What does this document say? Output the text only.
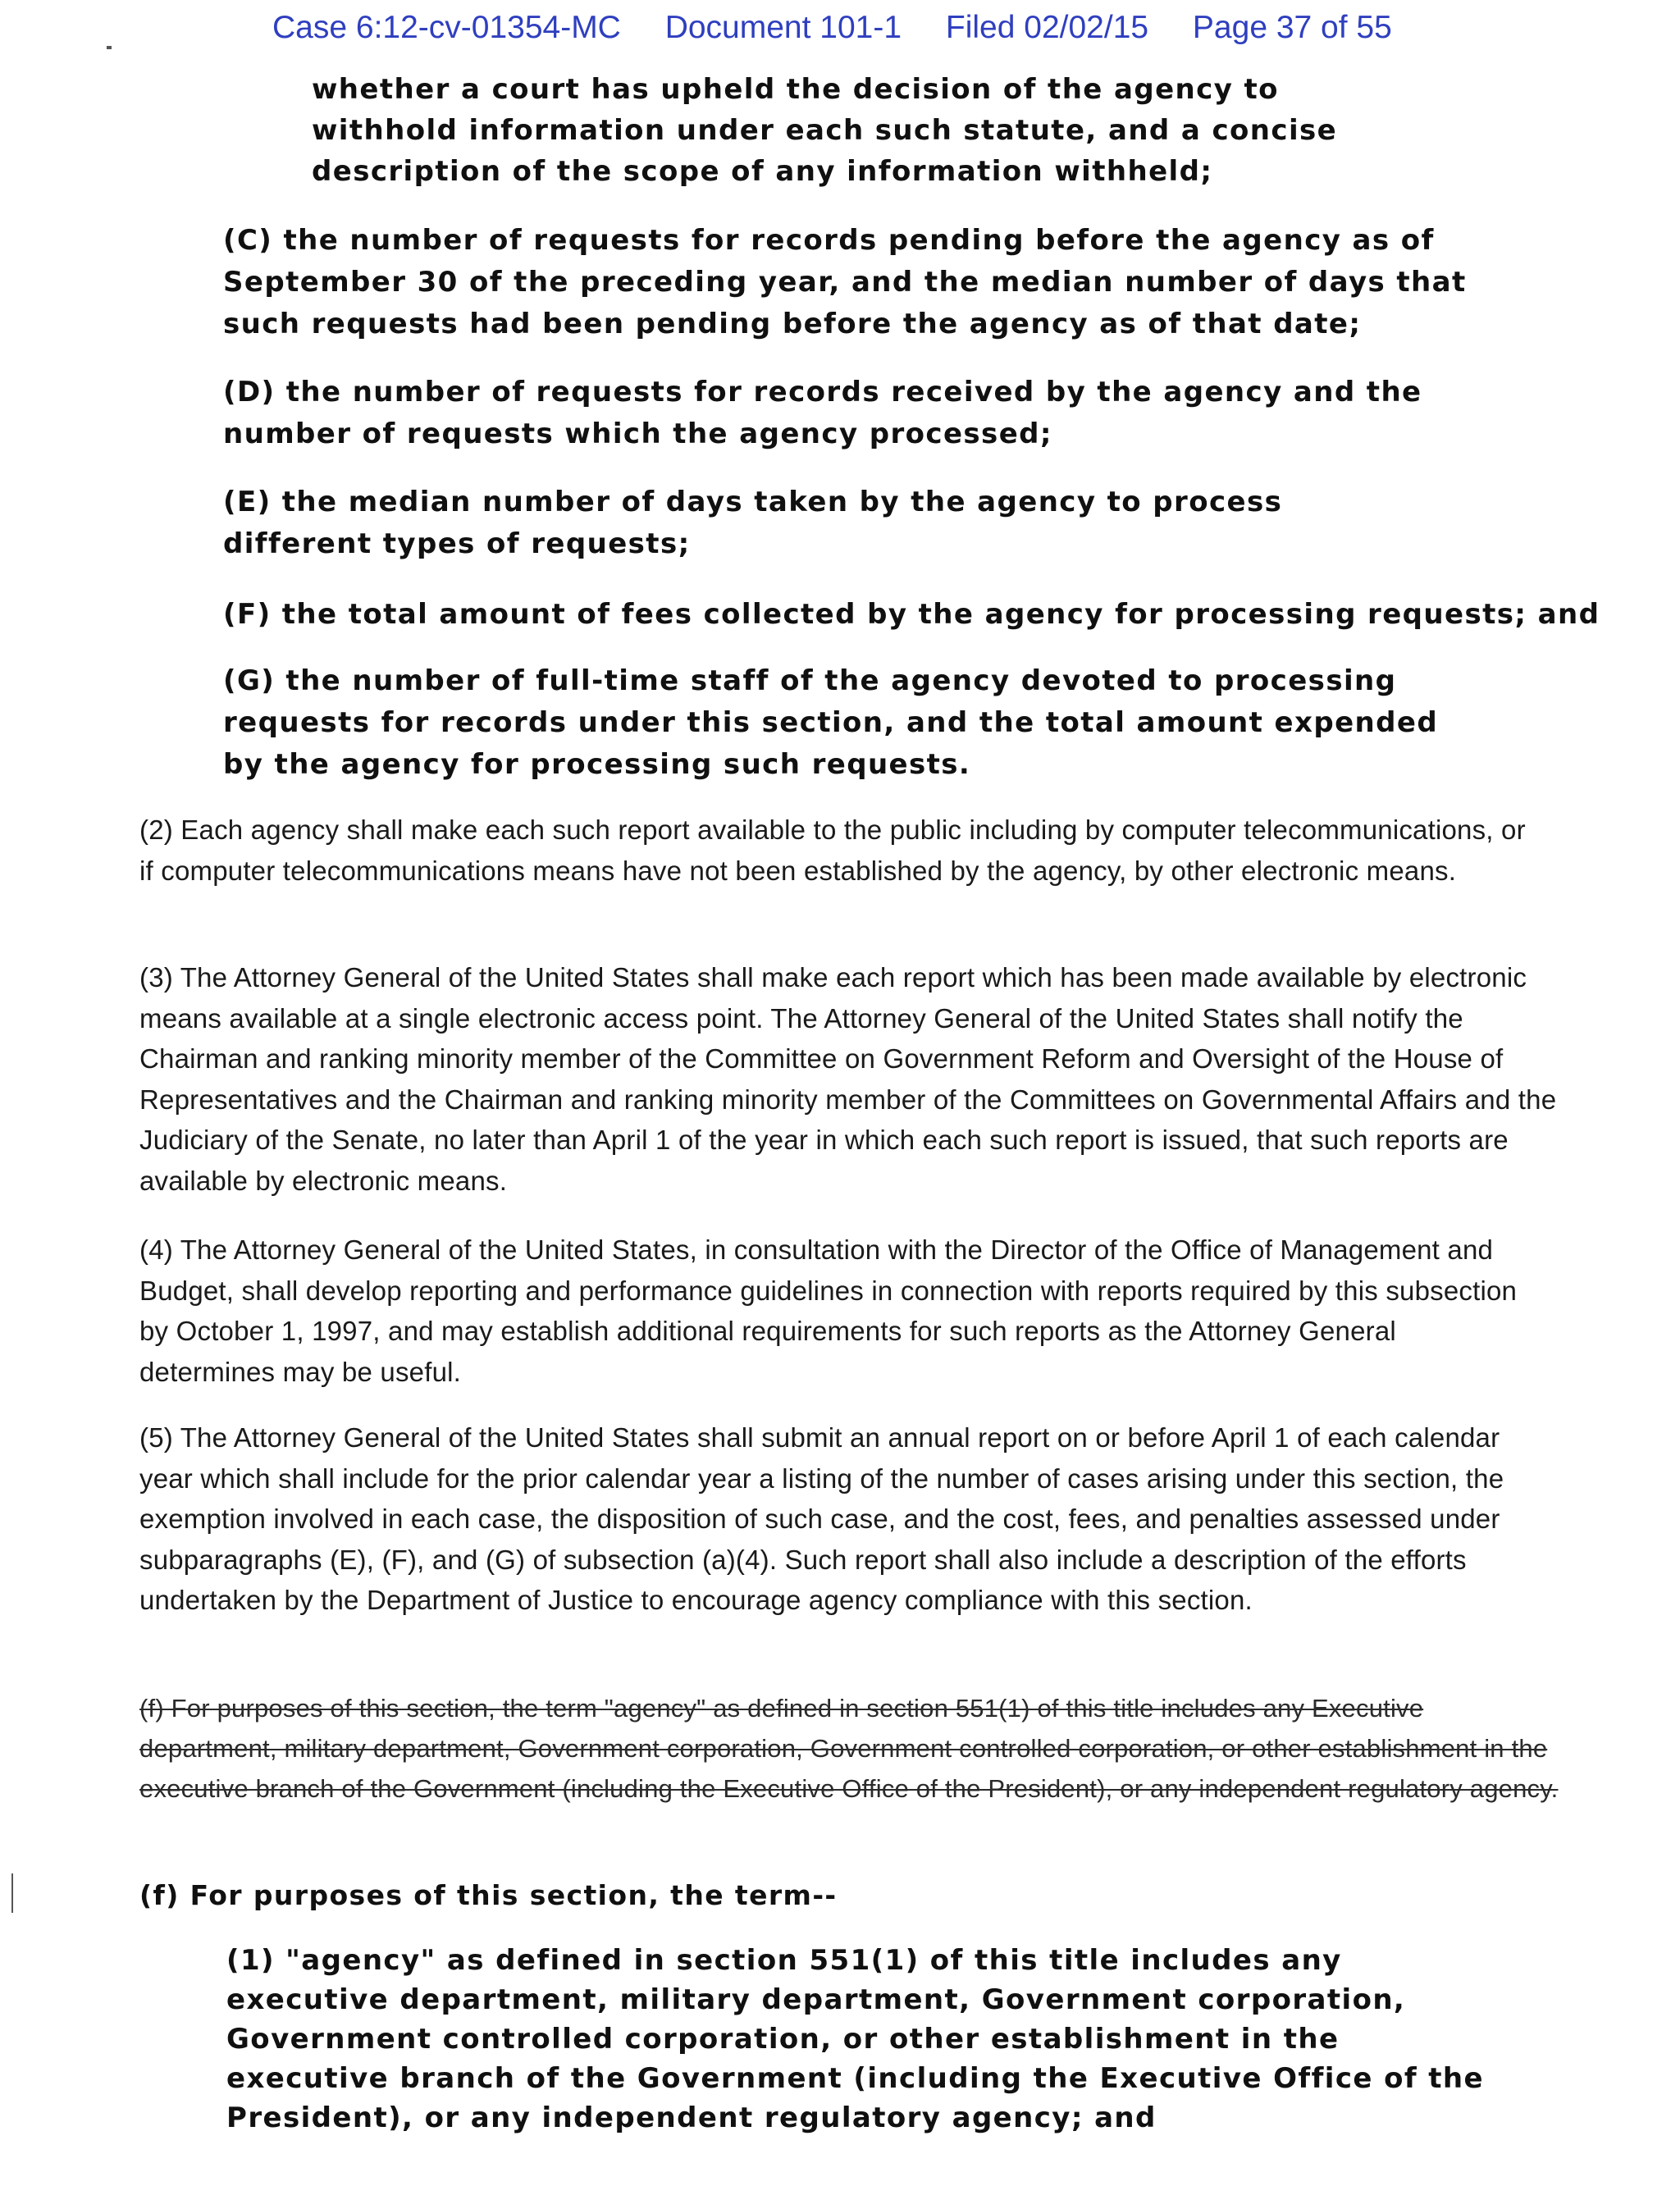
Case 6:12-cv-01354-MC Document 101-1 Filed 02/02/15 Page 37 of 55

whether a court has upheld the decision of the agency to withhold information under each such statute, and a concise description of the scope of any information withheld;

(C) the number of requests for records pending before the agency as of September 30 of the preceding year, and the median number of days that such requests had been pending before the agency as of that date;

(D) the number of requests for records received by the agency and the number of requests which the agency processed;

(E) the median number of days taken by the agency to process different types of requests;

(F) the total amount of fees collected by the agency for processing requests; and

(G) the number of full-time staff of the agency devoted to processing requests for records under this section, and the total amount expended by the agency for processing such requests.

(2) Each agency shall make each such report available to the public including by computer telecommunications, or if computer telecommunications means have not been established by the agency, by other electronic means.

(3) The Attorney General of the United States shall make each report which has been made available by electronic means available at a single electronic access point. The Attorney General of the United States shall notify the Chairman and ranking minority member of the Committee on Government Reform and Oversight of the House of Representatives and the Chairman and ranking minority member of the Committees on Governmental Affairs and the Judiciary of the Senate, no later than April 1 of the year in which each such report is issued, that such reports are available by electronic means.

(4) The Attorney General of the United States, in consultation with the Director of the Office of Management and Budget, shall develop reporting and performance guidelines in connection with reports required by this subsection by October 1, 1997, and may establish additional requirements for such reports as the Attorney General determines may be useful.

(5) The Attorney General of the United States shall submit an annual report on or before April 1 of each calendar year which shall include for the prior calendar year a listing of the number of cases arising under this section, the exemption involved in each case, the disposition of such case, and the cost, fees, and penalties assessed under subparagraphs (E), (F), and (G) of subsection (a)(4). Such report shall also include a description of the efforts undertaken by the Department of Justice to encourage agency compliance with this section.

(f) For purposes of this section, the term "agency" as defined in section 551(1) of this title includes any Executive department, military department, Government corporation, Government controlled corporation, or other establishment in the executive branch of the Government (including the Executive Office of the President), or any independent regulatory agency.

(f) For purposes of this section, the term--

(1) "agency" as defined in section 551(1) of this title includes any executive department, military department, Government corporation, Government controlled corporation, or other establishment in the executive branch of the Government (including the Executive Office of the President), or any independent regulatory agency; and
